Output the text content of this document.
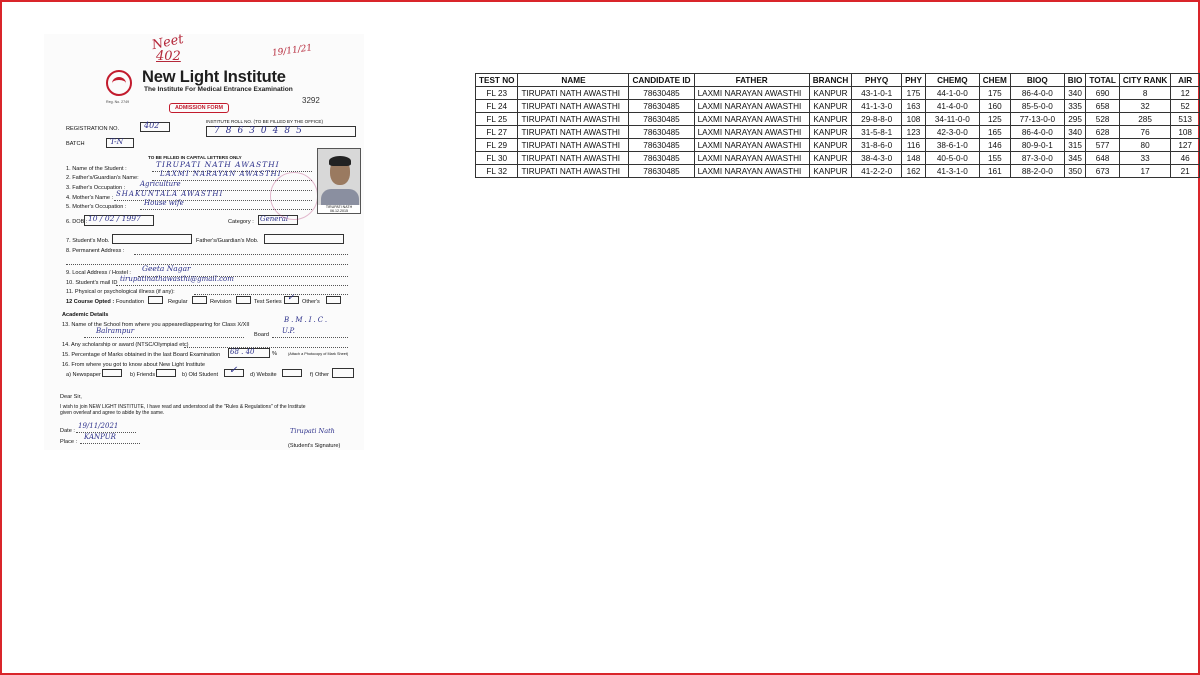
Neet
402	19/11/21
New Light Institute
The Institute For Medical Entrance Examination
Reg. No. 2749	3292
ADMISSION FORM
REGISTRATION NO.	402	INSTITUTE ROLL NO. (TO BE FILLED BY THE OFFICE)
78630485
BATCH	T-N
TO BE FILLED IN CAPITAL LETTERS ONLY
1. Name of the Student :	TIRUPATI NATH AWASTHI
2. Father's/Guardian's Name:	LAXMI NARAYAN AWASTHI
3. Father's Occupation : Agriculture
4. Mother's Name : SHAKUNTALA AWASTHI
5. Mother's Occupation :	House wife
6. DOB : 10 / 02 / 1997	Category : General
TIRUPATI NATH
06.12.2015
7. Student's Mob.	Father's/Guardian's Mob.
8. Permanent Address :
9. Local Address / Hostel : Geeta Nagar
10. Student's mail ID tirupatinathawasthi@gmail.com
11. Physical or psychological illness (if any):
12 Course Opted : Foundation	Regular	Revision	Test Series ✓ Other's
Academic Details
13. Name of the School from where you appeared/appearing for Class X/XII
B.M.I.C.
Balrampur	Board U.P.
14. Any scholarship or award (NTSC/Olympiad etc)
15. Percentage of Marks obtained in the last Board Examination 68 . 40	%	(Attach a Photocopy of Mark Sheet)
16. From where you got to know about New Light Institute
a) Newspaper	b) Friends	b) Old Student ✓ d) Website	f) Other
Dear Sir,
I wish to join NEW LIGHT INSTITUTE, I have read and understood all the "Rules & Regulations" of the Institute given overleaf and agree to abide by the same.
Date :
19/11/2021
Place :
KANPUR
Tirupati Nath
(Student's Signature)
TEST NO	NAME	CANDIDATE ID	FATHER	BRANCH	PHYQ	PHY	CHEMQ	CHEM	BIOQ	BIO	TOTAL	CITY RANK	AIR
FL 23	TIRUPATI NATH AWASTHI	78630485	LAXMI NARAYAN AWASTHI	KANPUR	43-1-0-1	175	44-1-0-0	175	86-4-0-0	340	690	8	12
FL 24	TIRUPATI NATH AWASTHI	78630485	LAXMI NARAYAN AWASTHI	KANPUR	41-1-3-0	163	41-4-0-0	160	85-5-0-0	335	658	32	52
FL 25	TIRUPATI NATH AWASTHI	78630485	LAXMI NARAYAN AWASTHI	KANPUR	29-8-8-0	108	34-11-0-0	125	77-13-0-0	295	528	285	513
FL 27	TIRUPATI NATH AWASTHI	78630485	LAXMI NARAYAN AWASTHI	KANPUR	31-5-8-1	123	42-3-0-0	165	86-4-0-0	340	628	76	108
FL 29	TIRUPATI NATH AWASTHI	78630485	LAXMI NARAYAN AWASTHI	KANPUR	31-8-6-0	116	38-6-1-0	146	80-9-0-1	315	577	80	127
FL 30	TIRUPATI NATH AWASTHI	78630485	LAXMI NARAYAN AWASTHI	KANPUR	38-4-3-0	148	40-5-0-0	155	87-3-0-0	345	648	33	46
FL 32	TIRUPATI NATH AWASTHI	78630485	LAXMI NARAYAN AWASTHI	KANPUR	41-2-2-0	162	41-3-1-0	161	88-2-0-0	350	673	17	21
